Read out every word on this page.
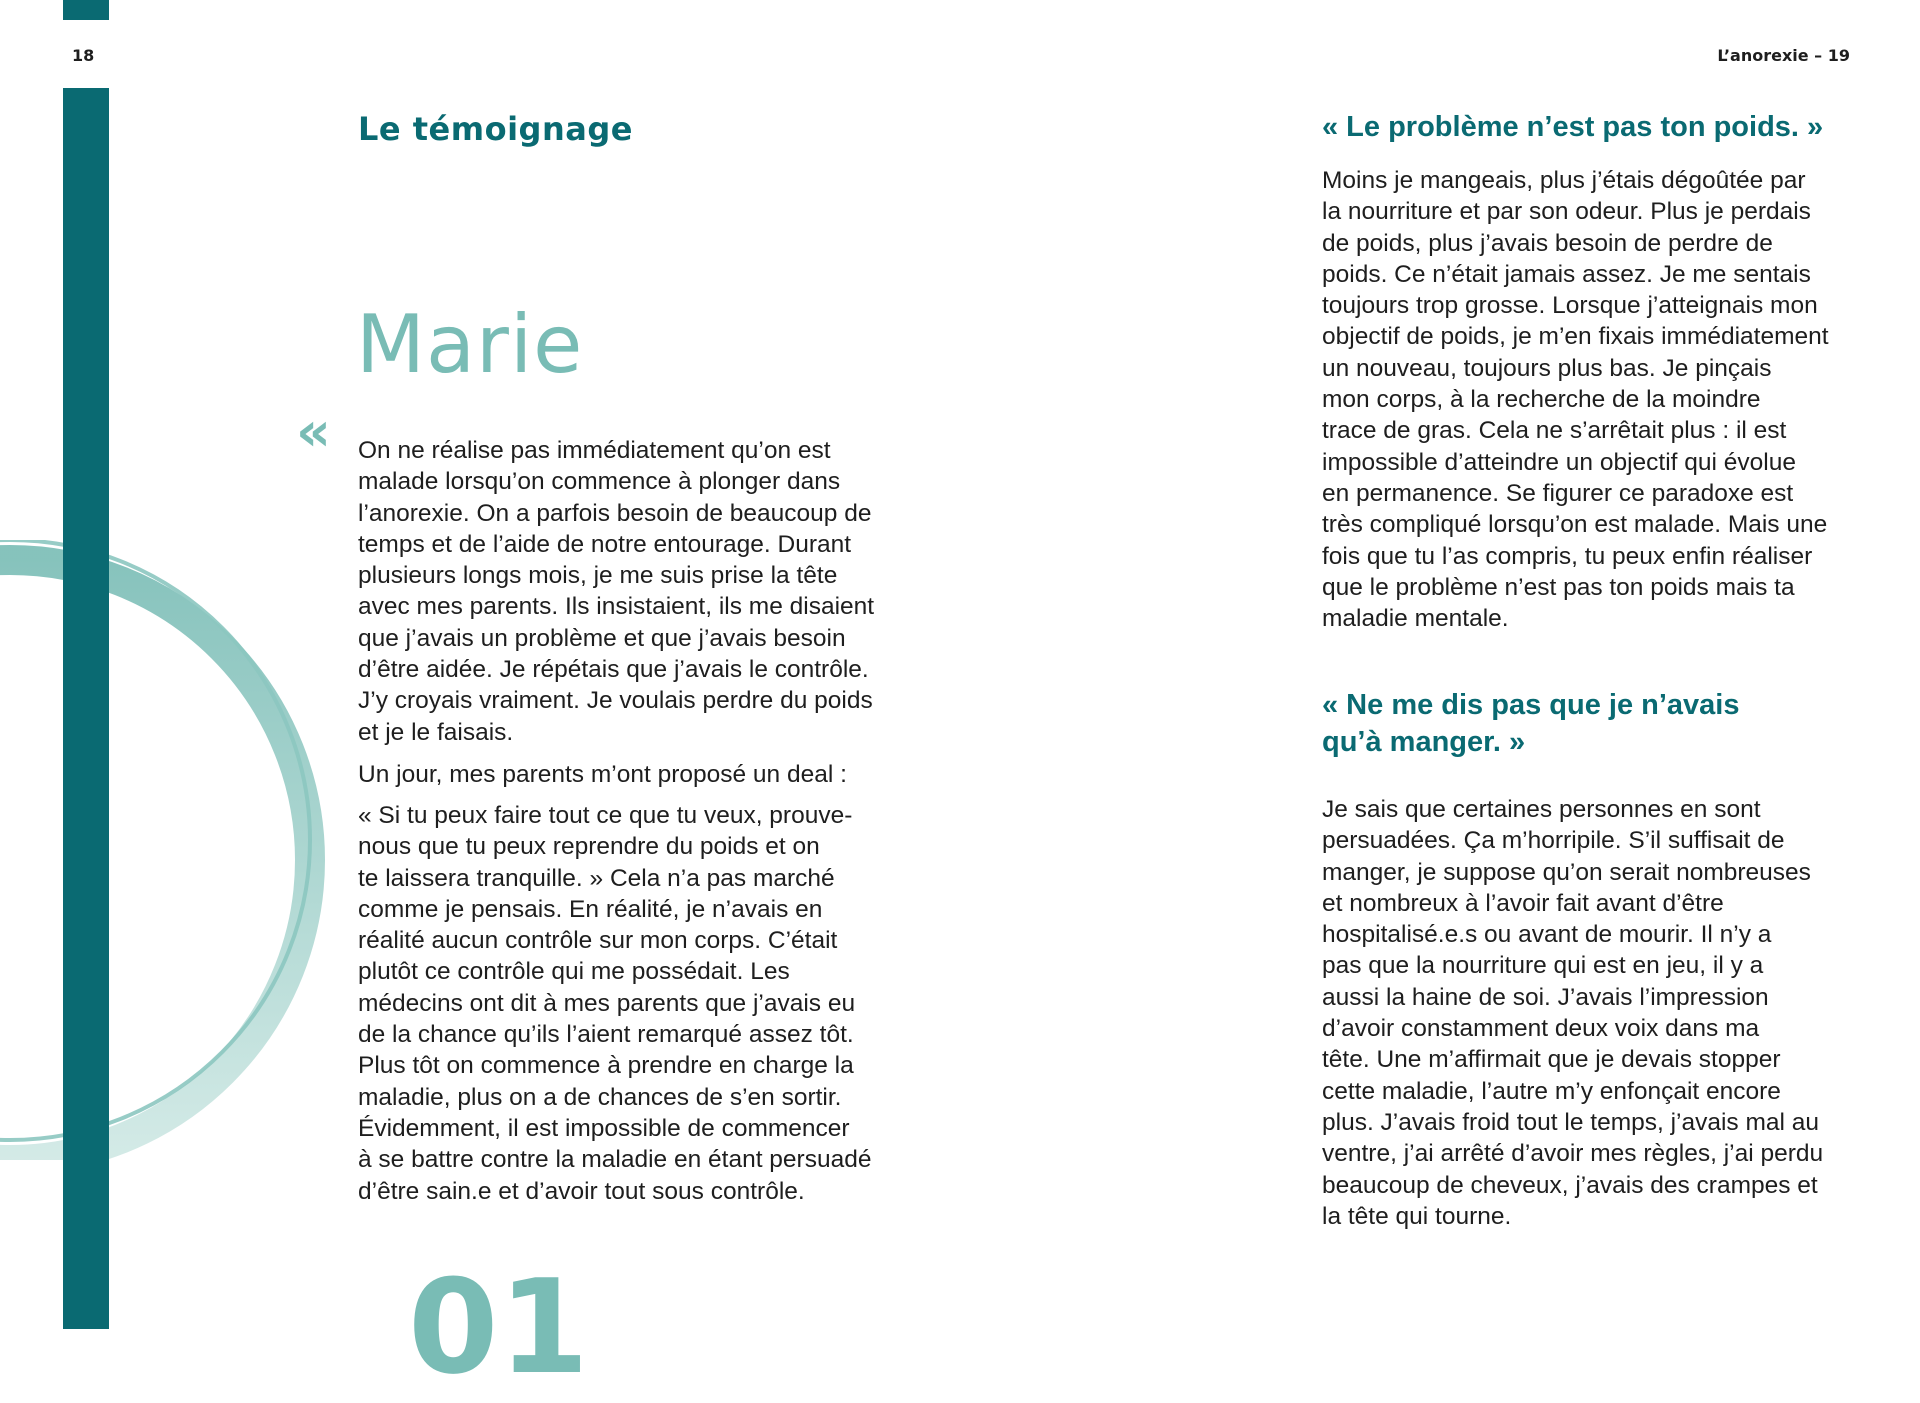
18	L’anorexie – 19
Le témoignage
Marie
« On ne réalise pas immédiatement qu’on est
malade lorsqu’on commence à plonger dans
l’anorexie. On a parfois besoin de beaucoup de
temps et de l’aide de notre entourage. Durant
plusieurs longs mois, je me suis prise la tête
avec mes parents. Ils insistaient, ils me disaient
que j’avais un problème et que j’avais besoin
d’être aidée. Je répétais que j’avais le contrôle.
J’y croyais vraiment. Je voulais perdre du poids
et je le faisais.

Un jour, mes parents m’ont proposé un deal :

« Si tu peux faire tout ce que tu veux, prouve-
nous que tu peux reprendre du poids et on
te laissera tranquille. » Cela n’a pas marché
comme je pensais. En réalité, je n’avais en
réalité aucun contrôle sur mon corps. C’était
plutôt ce contrôle qui me possédait. Les
médecins ont dit à mes parents que j’avais eu
de la chance qu’ils l’aient remarqué assez tôt.
Plus tôt on commence à prendre en charge la
maladie, plus on a de chances de s’en sortir.
Évidemment, il est impossible de commencer
à se battre contre la maladie en étant persuadé
d’être sain.e et d’avoir tout sous contrôle.

01

« Le problème n’est pas ton poids. »

Moins je mangeais, plus j’étais dégoûtée par
la nourriture et par son odeur. Plus je perdais
de poids, plus j’avais besoin de perdre de
poids. Ce n’était jamais assez. Je me sentais
toujours trop grosse. Lorsque j’atteignais mon
objectif de poids, je m’en fixais immédiatement
un nouveau, toujours plus bas. Je pinçais
mon corps, à la recherche de la moindre
trace de gras. Cela ne s’arrêtait plus : il est
impossible d’atteindre un objectif qui évolue
en permanence. Se figurer ce paradoxe est
très compliqué lorsqu’on est malade. Mais une
fois que tu l’as compris, tu peux enfin réaliser
que le problème n’est pas ton poids mais ta
maladie mentale.

« Ne me dis pas que je n’avais
qu’à manger. »

Je sais que certaines personnes en sont
persuadées. Ça m’horripile. S’il suffisait de
manger, je suppose qu’on serait nombreuses
et nombreux à l’avoir fait avant d’être
hospitalisé.e.s ou avant de mourir. Il n’y a
pas que la nourriture qui est en jeu, il y a
aussi la haine de soi. J’avais l’impression
d’avoir constamment deux voix dans ma
tête. Une m’affirmait que je devais stopper
cette maladie, l’autre m’y enfonçait encore
plus. J’avais froid tout le temps, j’avais mal au
ventre, j’ai arrêté d’avoir mes règles, j’ai perdu
beaucoup de cheveux, j’avais des crampes et
la tête qui tourne.
